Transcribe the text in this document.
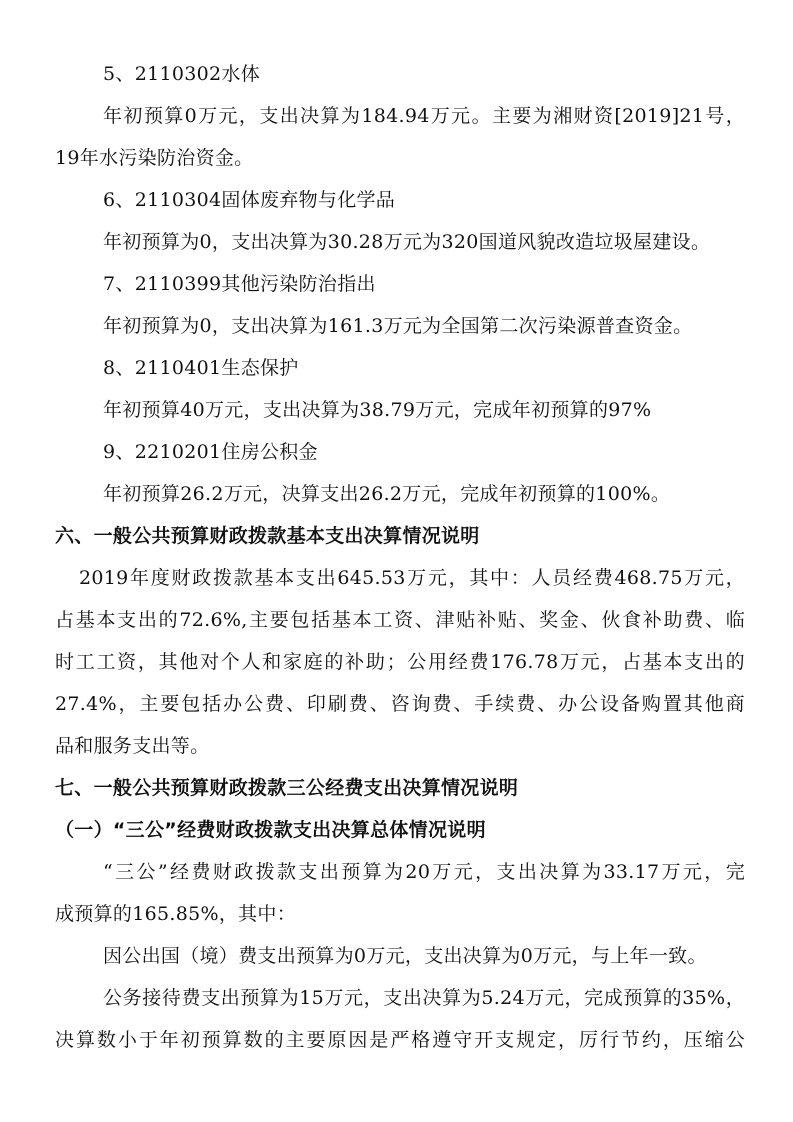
5、2110302水体
年初预算0万元，支出决算为184.94万元。主要为湘财资[2019]21号，
19年水污染防治资金。
6、2110304固体废弃物与化学品
年初预算为0，支出决算为30.28万元为320国道风貌改造垃圾屋建设。
7、2110399其他污染防治指出
年初预算为0，支出决算为161.3万元为全国第二次污染源普查资金。
8、2110401生态保护
年初预算40万元，支出决算为38.79万元，完成年初预算的97%
9、2210201住房公积金
年初预算26.2万元，决算支出26.2万元，完成年初预算的100%。
六、一般公共预算财政拨款基本支出决算情况说明
2019年度财政拨款基本支出645.53万元，其中：人员经费468.75万元，
占基本支出的72.6%,主要包括基本工资、津贴补贴、奖金、伙食补助费、临
时工工资，其他对个人和家庭的补助；公用经费176.78万元，占基本支出的
27.4%，主要包括办公费、印刷费、咨询费、手续费、办公设备购置其他商
品和服务支出等。
七、一般公共预算财政拨款三公经费支出决算情况说明
（一）“三公”经费财政拨款支出决算总体情况说明
“三公”经费财政拨款支出预算为20万元，支出决算为33.17万元，完
成预算的165.85%，其中：
因公出国（境）费支出预算为0万元，支出决算为0万元，与上年一致。
公务接待费支出预算为15万元，支出决算为5.24万元，完成预算的35%，
决算数小于年初预算数的主要原因是严格遵守开支规定，厉行节约，压缩公
